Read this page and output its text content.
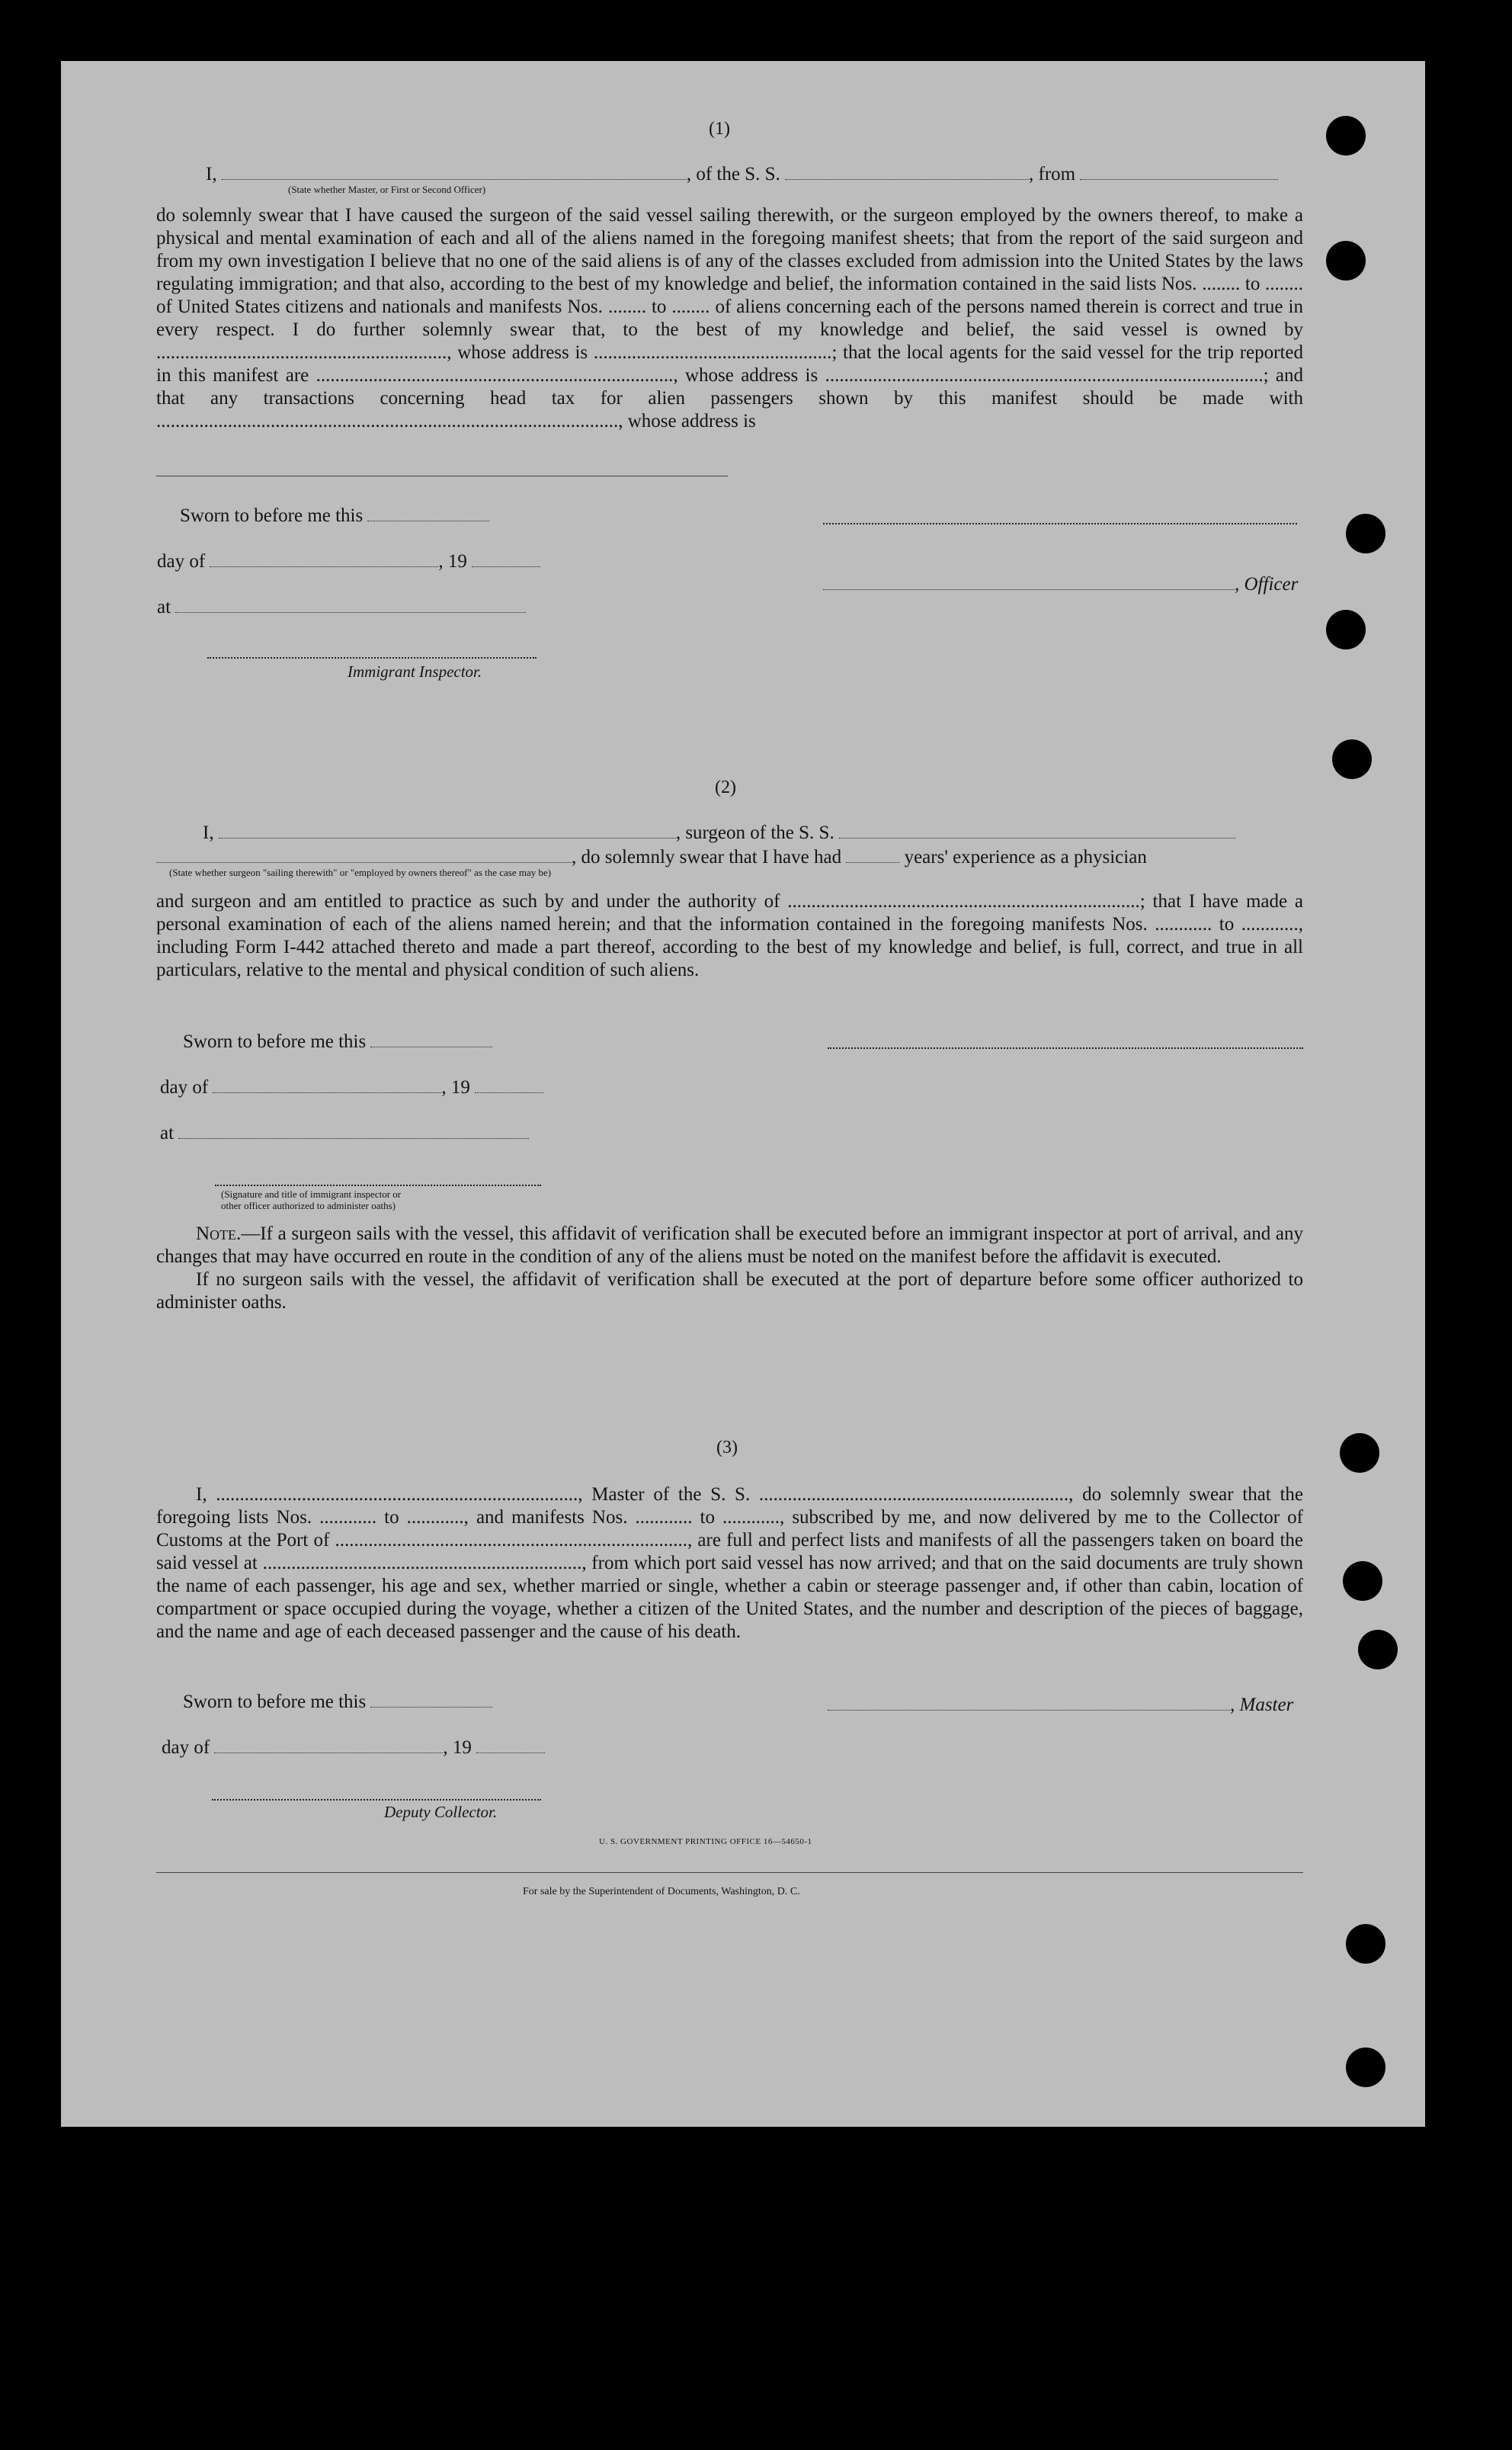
(1)
I,	, of the S. S.	, from
(State whether Master, or First or Second Officer)

do solemnly swear that I have caused the surgeon of the said vessel sailing therewith, or the surgeon employed by the owners thereof, to make a physical and mental examination of each and all of the aliens named in the foregoing manifest sheets; that from the report of the said surgeon and from my own investigation I believe that no one of the said aliens is of any of the classes excluded from admission into the United States by the laws regulating immigration; and that also, according to the best of my knowledge and belief, the information contained in the said lists Nos. ........ to ........ of United States citizens and nationals and manifests Nos. ........ to ........ of aliens concerning each of the persons named therein is correct and true in every respect. I do further solemnly swear that, to the best of my knowledge and belief, the said vessel is owned by ............................................................., whose address is ..................................................; that the local agents for the said vessel for the trip reported in this manifest are ..........................................................................., whose address is ............................................................................................; and that any transactions concerning head tax for alien passengers shown by this manifest should be made with ................................................................................................., whose address is

Sworn to before me this
day of	, 19
at
Immigrant Inspector.
, Officer
(2)
I,	, surgeon of the S. S.
, do solemnly swear that I have had	years' experience as a physician
(State whether surgeon "sailing therewith" or "employed by owners thereof" as the case may be)

and surgeon and am entitled to practice as such by and under the authority of ..........................................................................; that I have made a personal examination of each of the aliens named herein; and that the information contained in the foregoing manifests Nos. ............ to ............, including Form I-442 attached thereto and made a part thereof, according to the best of my knowledge and belief, is full, correct, and true in all particulars, relative to the mental and physical condition of such aliens.

Sworn to before me this
day of	, 19
at
(Signature and title of immigrant inspector or
other officer authorized to administer oaths)

Note.—If a surgeon sails with the vessel, this affidavit of verification shall be executed before an immigrant inspector at port of arrival, and any changes that may have occurred en route in the condition of any of the aliens must be noted on the manifest before the affidavit is executed.

If no surgeon sails with the vessel, the affidavit of verification shall be executed at the port of departure before some officer authorized to administer oaths.

(3)

I, ............................................................................, Master of the S. S. ................................................................., do solemnly swear that the foregoing lists Nos. ............ to ............, and manifests Nos. ............ to ............, subscribed by me, and now delivered by me to the Collector of Customs at the Port of .........................................................................., are full and perfect lists and manifests of all the passengers taken on board the said vessel at ..................................................................., from which port said vessel has now arrived; and that on the said documents are truly shown the name of each passenger, his age and sex, whether married or single, whether a cabin or steerage passenger and, if other than cabin, location of compartment or space occupied during the voyage, whether a citizen of the United States, and the number and description of the pieces of baggage, and the name and age of each deceased passenger and the cause of his death.

Sworn to before me this
day of	, 19
Deputy Collector.
, Master
U. S. GOVERNMENT PRINTING OFFICE 16—54650-1
For sale by the Superintendent of Documents, Washington, D. C.
